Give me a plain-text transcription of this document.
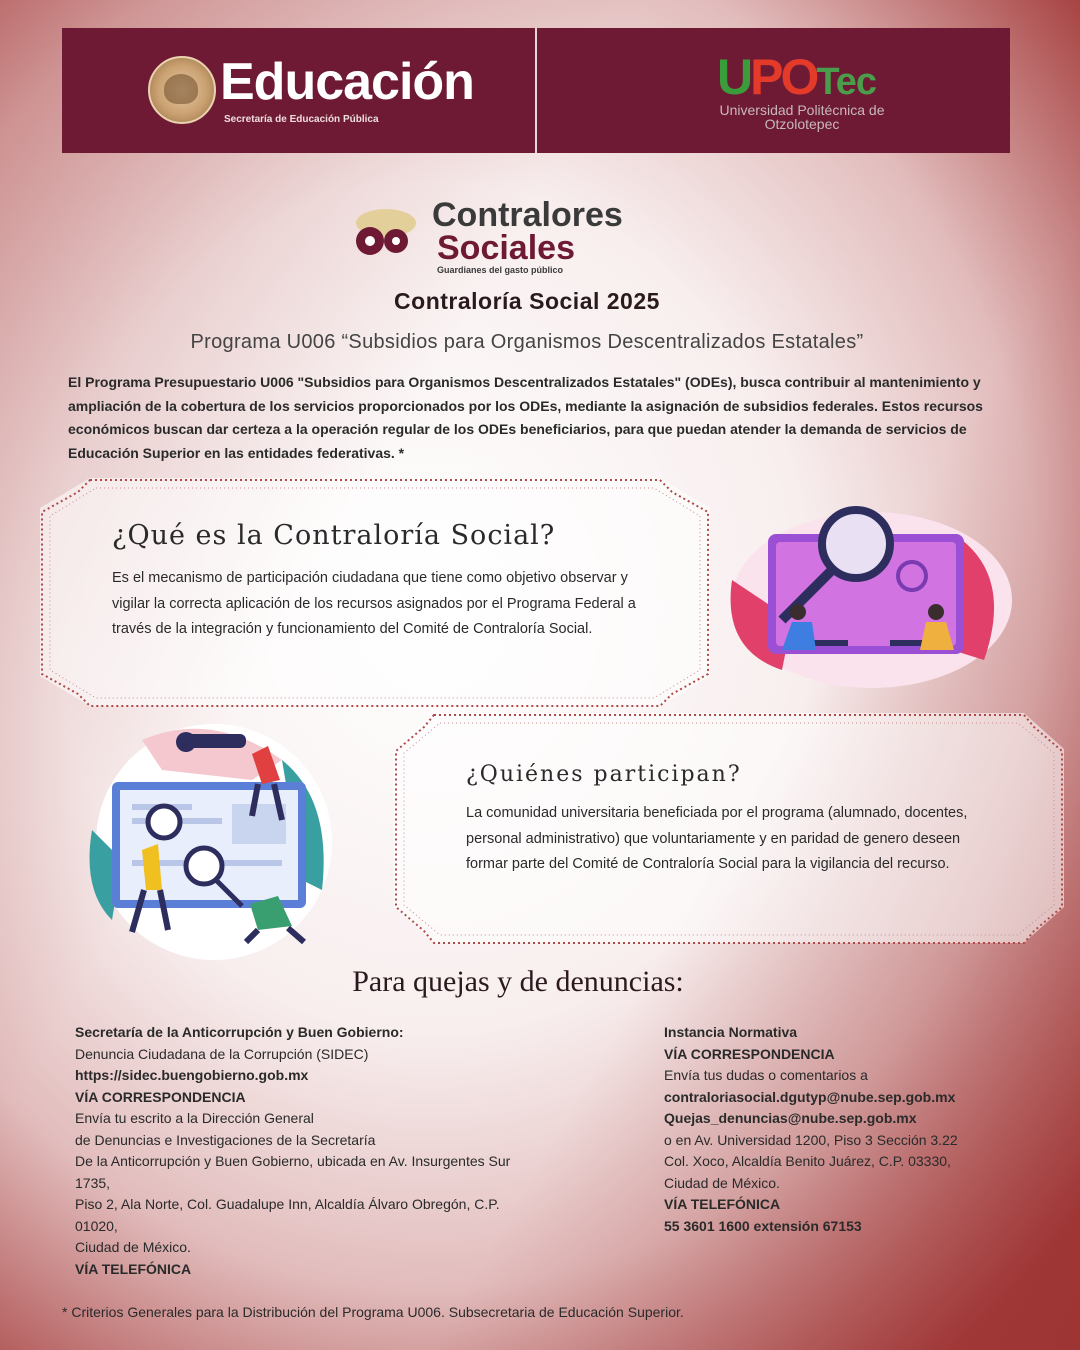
Educación
Secretaría de Educación Pública
UPOTec
Universidad Politécnica de Otzolotepec
Contralores
Sociales
Guardianes del gasto público
Contraloría Social 2025
Programa U006 “Subsidios para Organismos Descentralizados Estatales”
El Programa Presupuestario U006 "Subsidios para Organismos Descentralizados Estatales" (ODEs), busca contribuir al mantenimiento y ampliación de la cobertura de los servicios proporcionados por los ODEs, mediante la asignación de subsidios federales. Estos recursos económicos buscan dar certeza a la operación regular de los ODEs beneficiarios, para que puedan atender la demanda de servicios de Educación Superior en las entidades federativas. *
¿Qué es la Contraloría Social?
Es el mecanismo de participación ciudadana que tiene como objetivo observar y vigilar la correcta aplicación de los recursos asignados por el Programa Federal a través de la integración y funcionamiento del Comité de Contraloría Social.
¿Quiénes participan?
La comunidad universitaria beneficiada por el programa (alumnado, docentes, personal administrativo) que voluntariamente y en paridad de genero deseen formar parte del Comité de Contraloría Social para la vigilancia del recurso.
Para quejas y de denuncias:
Secretaría de la Anticorrupción y Buen Gobierno:
Denuncia Ciudadana de la Corrupción (SIDEC)
https://sidec.buengobierno.gob.mx
VÍA CORRESPONDENCIA
Envía tu escrito a la Dirección General
de Denuncias e Investigaciones de la Secretaría
De la Anticorrupción y Buen Gobierno, ubicada en Av. Insurgentes Sur
1735,
Piso 2, Ala Norte, Col. Guadalupe Inn, Alcaldía Álvaro Obregón, C.P.
01020,
Ciudad de México.
VÍA TELEFÓNICA
Instancia Normativa
VÍA CORRESPONDENCIA
Envía tus dudas o comentarios a
contraloriasocial.dgutyp@nube.sep.gob.mx
Quejas_denuncias@nube.sep.gob.mx
o en Av. Universidad 1200, Piso 3 Sección 3.22
Col. Xoco, Alcaldía Benito Juárez, C.P. 03330,
Ciudad de México.
VÍA TELEFÓNICA
55 3601 1600 extensión 67153
* Criterios Generales para la Distribución del Programa U006. Subsecretaria de Educación Superior.
